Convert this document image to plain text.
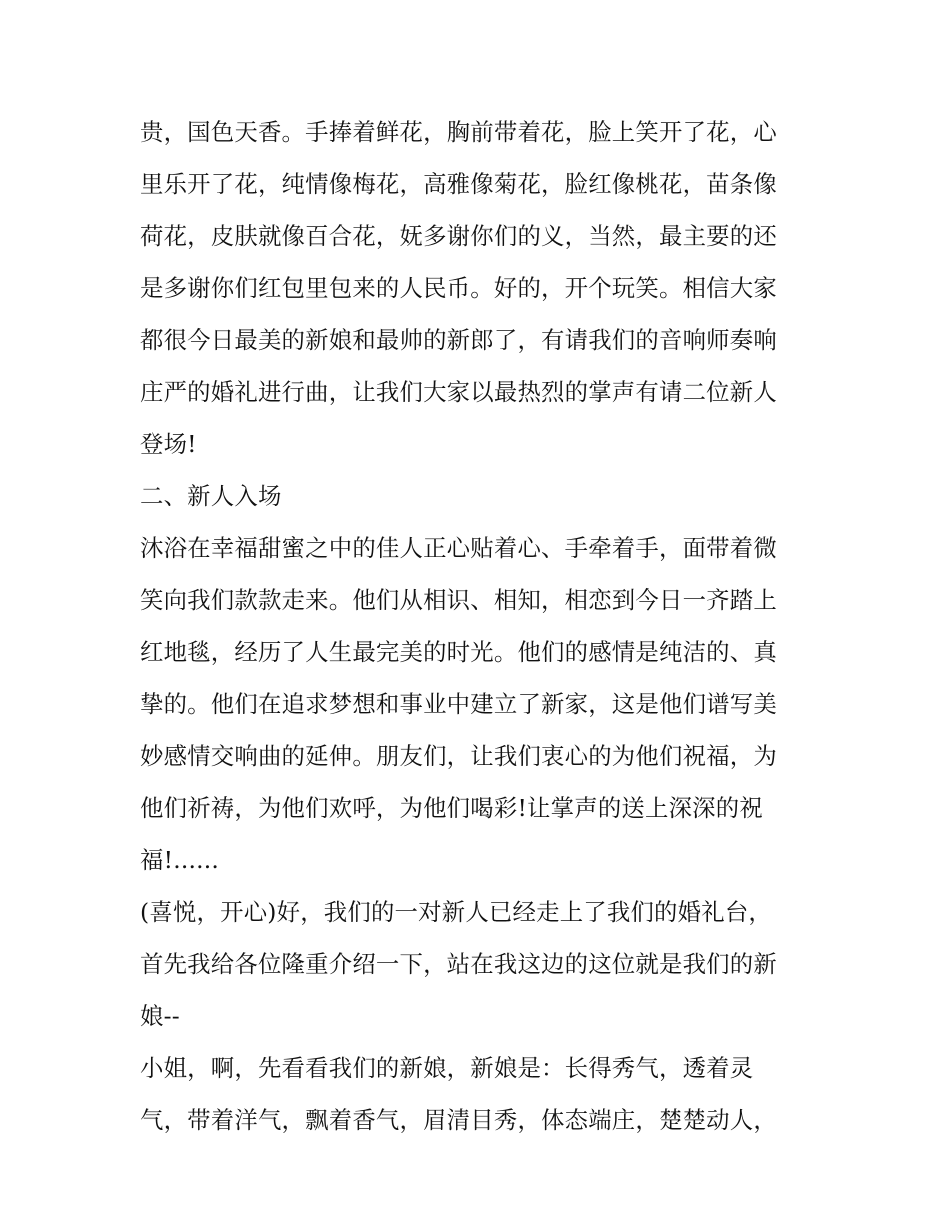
贵，国色天香。手捧着鲜花，胸前带着花，脸上笑开了花，心
里乐开了花，纯情像梅花，高雅像菊花，脸红像桃花，苗条像
荷花，皮肤就像百合花，妩多谢你们的义，当然，最主要的还
是多谢你们红包里包来的人民币。好的，开个玩笑。相信大家
都很今日最美的新娘和最帅的新郎了，有请我们的音响师奏响
庄严的婚礼进行曲，让我们大家以最热烈的掌声有请二位新人
登场!
二、新人入场
沐浴在幸福甜蜜之中的佳人正心贴着心、手牵着手，面带着微
笑向我们款款走来。他们从相识、相知，相恋到今日一齐踏上
红地毯，经历了人生最完美的时光。他们的感情是纯洁的、真
挚的。他们在追求梦想和事业中建立了新家，这是他们谱写美
妙感情交响曲的延伸。朋友们，让我们衷心的为他们祝福，为
他们祈祷，为他们欢呼，为他们喝彩!让掌声的送上深深的祝
福!......
(喜悦，开心)好，我们的一对新人已经走上了我们的婚礼台，
首先我给各位隆重介绍一下，站在我这边的这位就是我们的新
娘--
小姐，啊，先看看我们的新娘，新娘是：长得秀气，透着灵
气，带着洋气，飘着香气，眉清目秀，体态端庄，楚楚动人，
